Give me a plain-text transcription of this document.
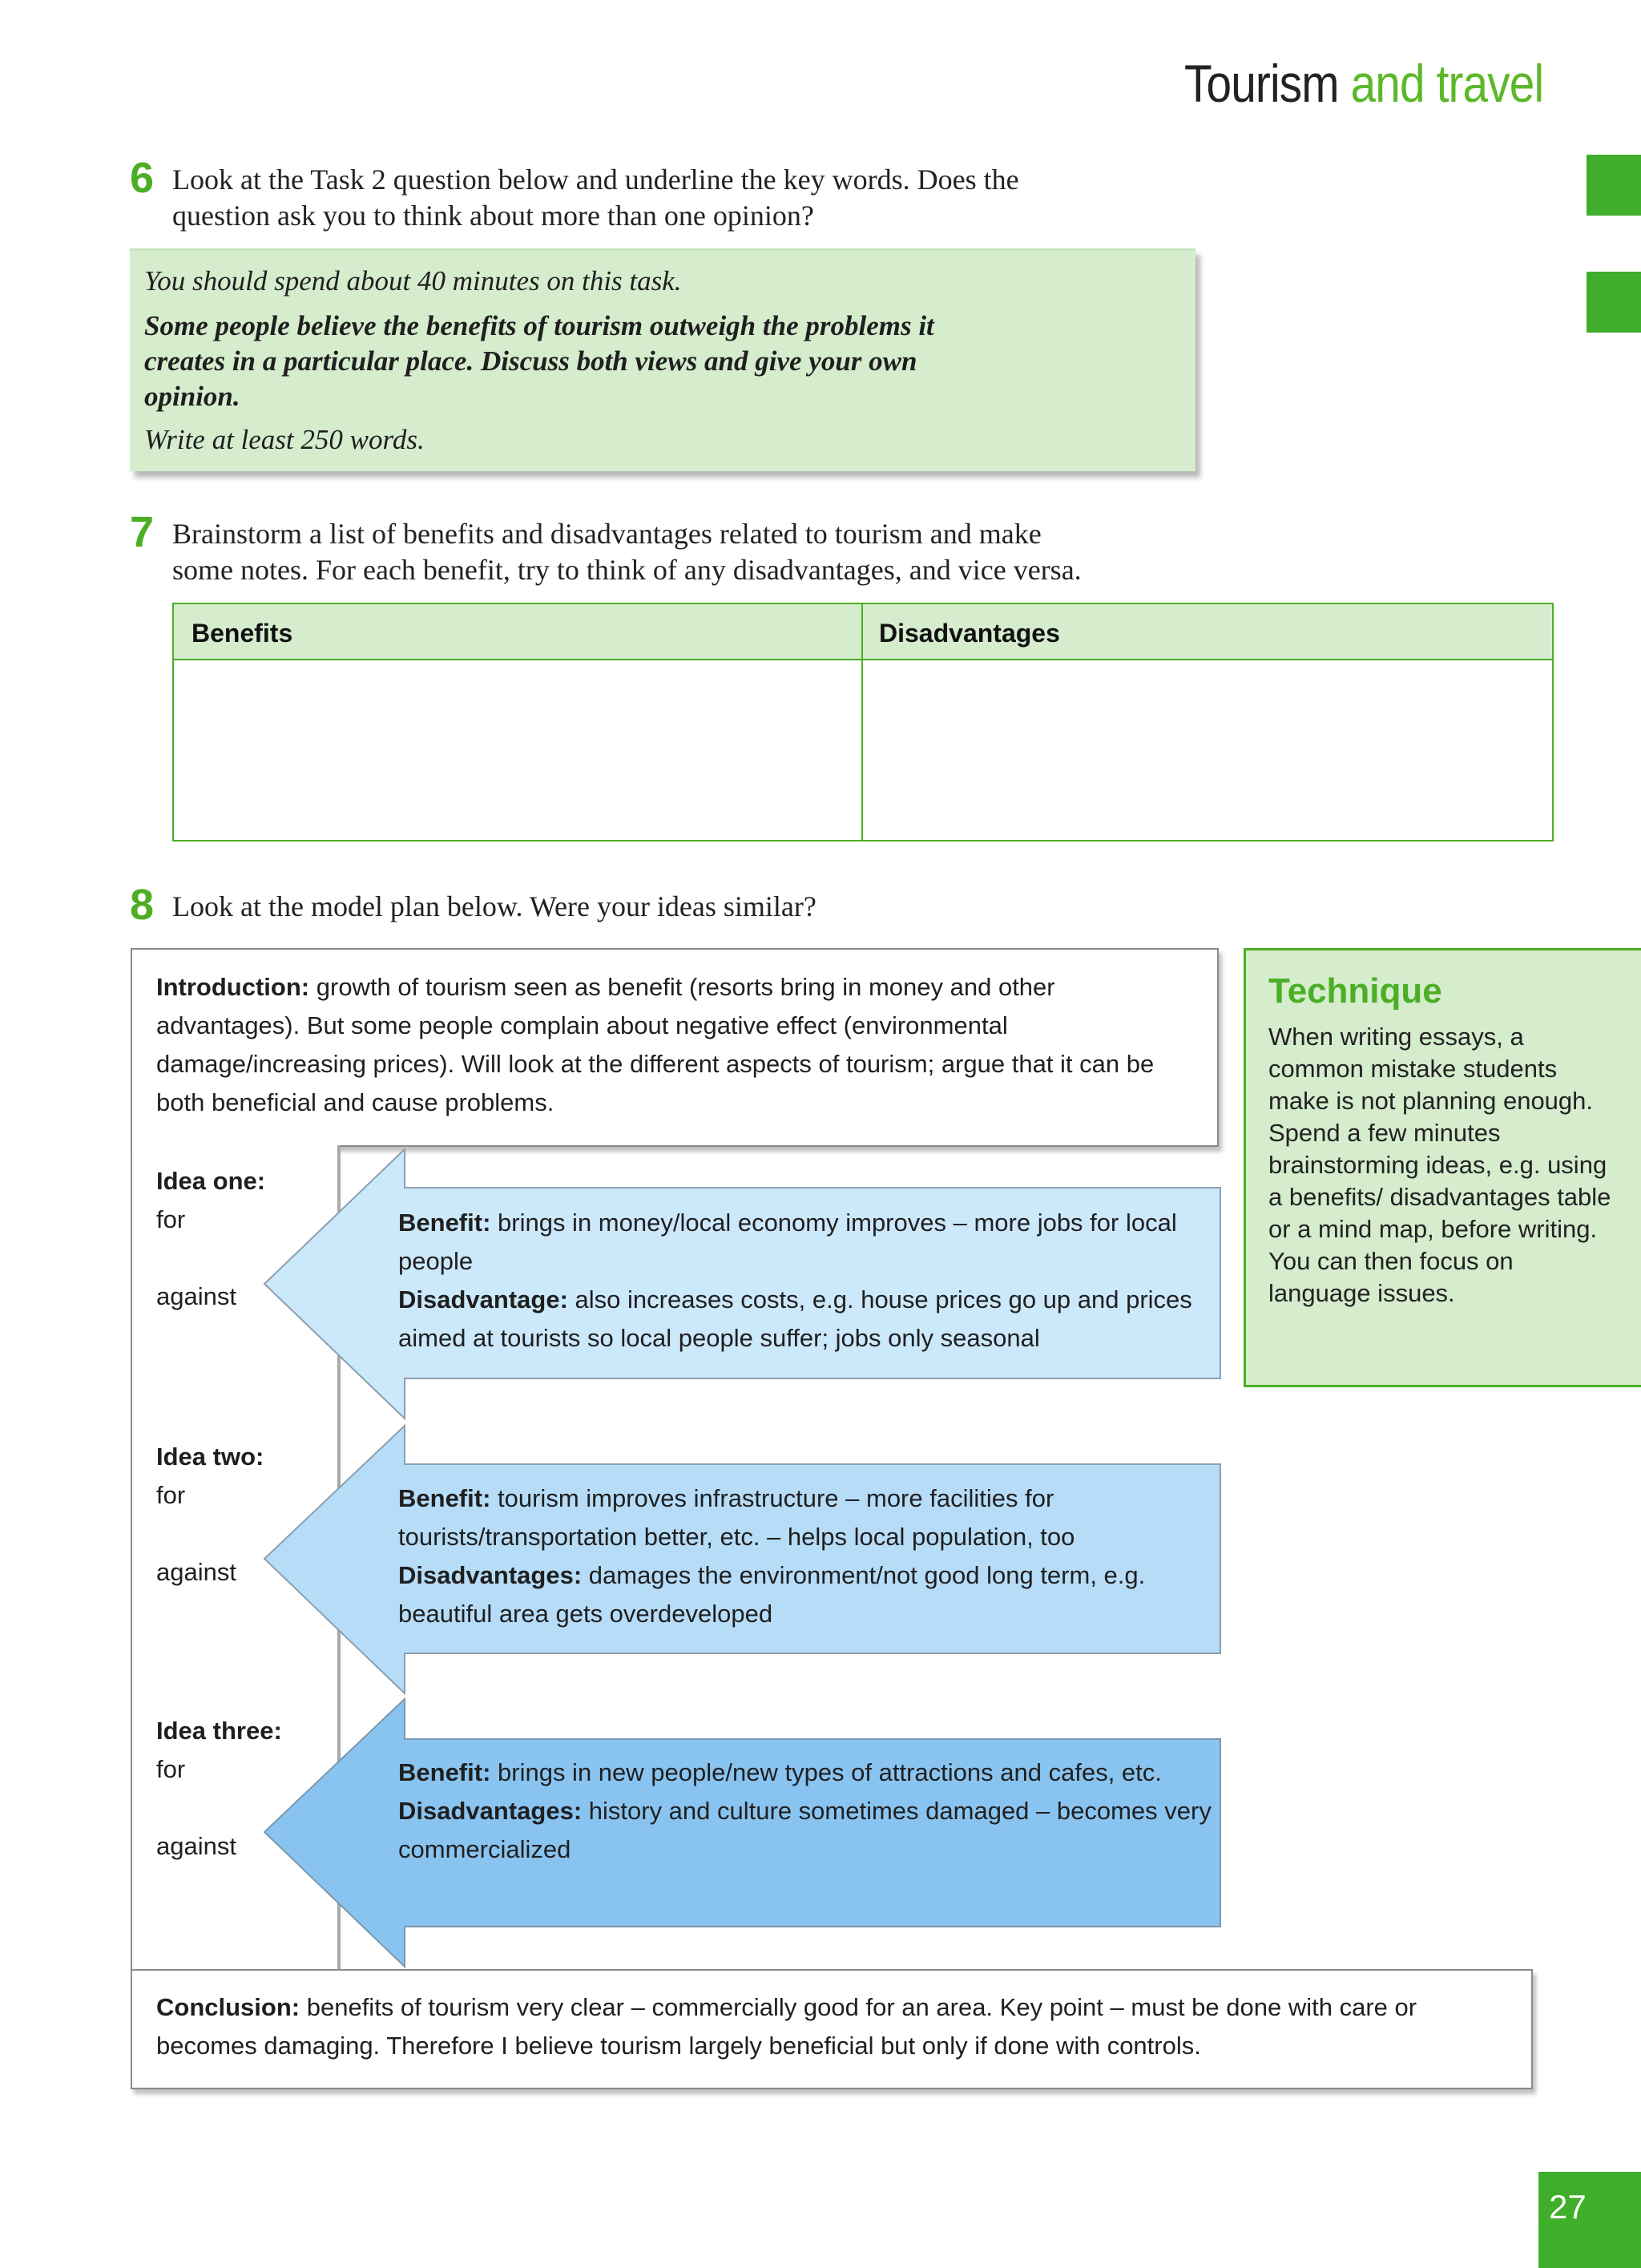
Tourism and travel
6 Look at the Task 2 question below and underline the key words. Does the
question ask you to think about more than one opinion?

You should spend about 40 minutes on this task.

Some people believe the benefits of tourism outweigh the problems it

creates in a particular place. Discuss both views and give your own

opinion.

Write at least 250 words.

7 Brainstorm a list of benefits and disadvantages related to tourism and make
some notes. For each benefit, try to think of any disadvantages, and vice versa.
Benefits	Disadvantages
8 Look at the model plan below. Were your ideas similar?
Introduction: growth of tourism seen as benefit (resorts bring in money and other advantages). But some people complain about negative effect (environmental damage/increasing prices). Will look at the different aspects of tourism; argue that it can be both beneficial and cause problems.
Idea one:
for
against
Benefit: brings in money/local economy improves – more jobs for local people
Disadvantage: also increases costs, e.g. house prices go up and prices aimed at tourists so local people suffer; jobs only seasonal
Idea two:
for
against
Benefit: tourism improves infrastructure – more facilities for tourists/transportation better, etc. – helps local population, too
Disadvantages: damages the environment/not good long term, e.g. beautiful area gets overdeveloped
Idea three:
for
against
Benefit: brings in new people/new types of attractions and cafes, etc.
Disadvantages: history and culture sometimes damaged – becomes very commercialized
Conclusion: benefits of tourism very clear – commercially good for an area. Key point – must be done with care or becomes damaging. Therefore I believe tourism largely beneficial but only if done with controls.
Technique
When writing essays, a common mistake students make is not planning enough. Spend a few minutes brainstorming ideas, e.g. using a benefits/ disadvantages table or a mind map, before writing. You can then focus on language issues.
27
